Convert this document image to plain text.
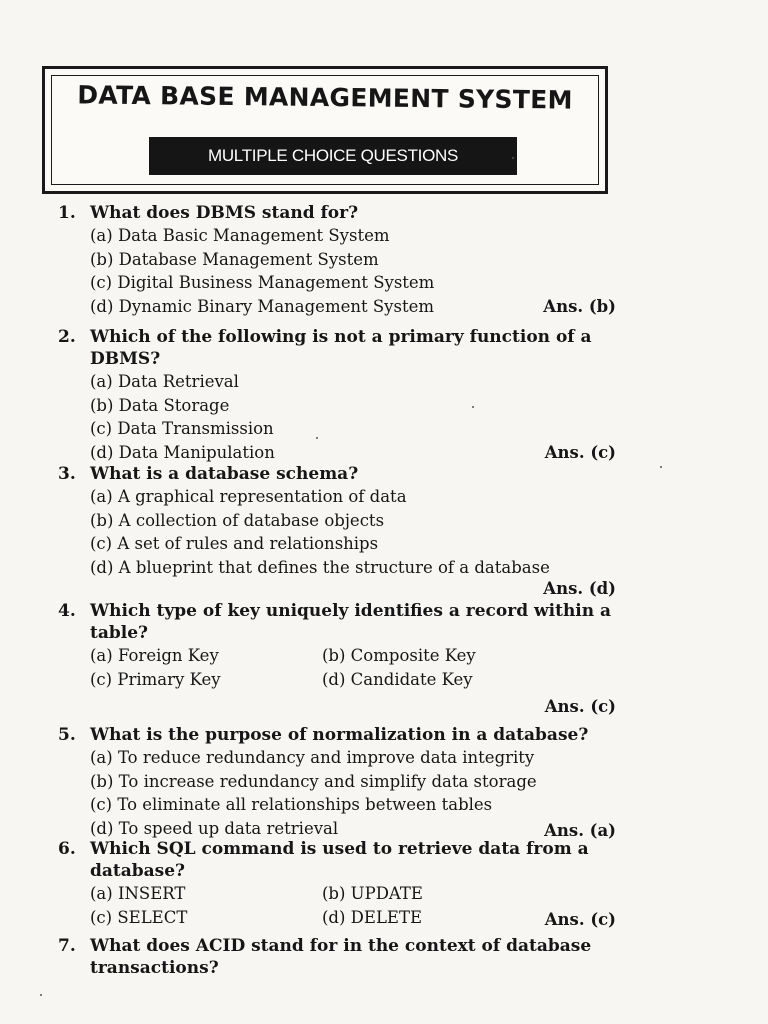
DATA BASE MANAGEMENT SYSTEM
MULTIPLE CHOICE QUESTIONS
1. What does DBMS stand for?
(a) Data Basic Management System
(b) Database Management System
(c) Digital Business Management System
(d) Dynamic Binary Management System	Ans. (b)
2. Which of the following is not a primary function of a DBMS?
(a) Data Retrieval
(b) Data Storage
(c) Data Transmission
(d) Data Manipulation	Ans. (c)
3. What is a database schema?
(a) A graphical representation of data
(b) A collection of database objects
(c) A set of rules and relationships
(d) A blueprint that defines the structure of a database
Ans. (d)
4. Which type of key uniquely identifies a record within a table?
(a) Foreign Key	(b) Composite Key
(c) Primary Key	(d) Candidate Key
Ans. (c)
5. What is the purpose of normalization in a database?
(a) To reduce redundancy and improve data integrity
(b) To increase redundancy and simplify data storage
(c) To eliminate all relationships between tables
(d) To speed up data retrieval	Ans. (a)
6. Which SQL command is used to retrieve data from a database?
(a) INSERT	(b) UPDATE
(c) SELECT	(d) DELETE	Ans. (c)
7. What does ACID stand for in the context of database transactions?
